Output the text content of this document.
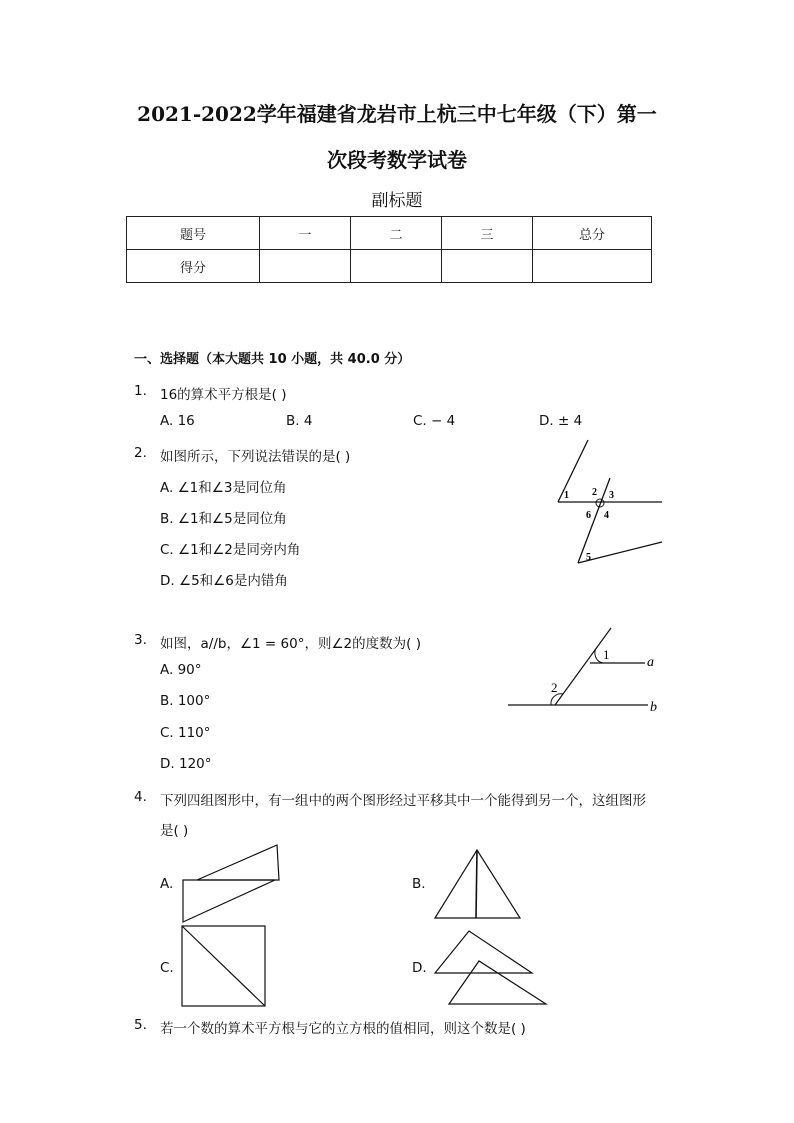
2021-2022学年福建省龙岩市上杭三中七年级（下）第一
次段考数学试卷
副标题
题号	一	二	三	总分
得分				
一、选择题（本大题共 10 小题，共 40.0 分）
1. 16的算术平方根是( )
A. 16	B. 4	C. − 4	D. ± 4
2. 如图所示，下列说法错误的是( )
A. ∠1和∠3是同位角
B. ∠1和∠5是同位角
C. ∠1和∠2是同旁内角
D. ∠5和∠6是内错角
1 2 3
4
6
5
3. 如图，a//b，∠1 = 60°，则∠2的度数为( )
A. 90°
B. 100°
C. 110°
D. 120°
1
2
a
b
4. 下列四组图形中，有一组中的两个图形经过平移其中一个能得到另一个，这组图形
是( )
A.	B.
C.	D.
5. 若一个数的算术平方根与它的立方根的值相同，则这个数是( )
